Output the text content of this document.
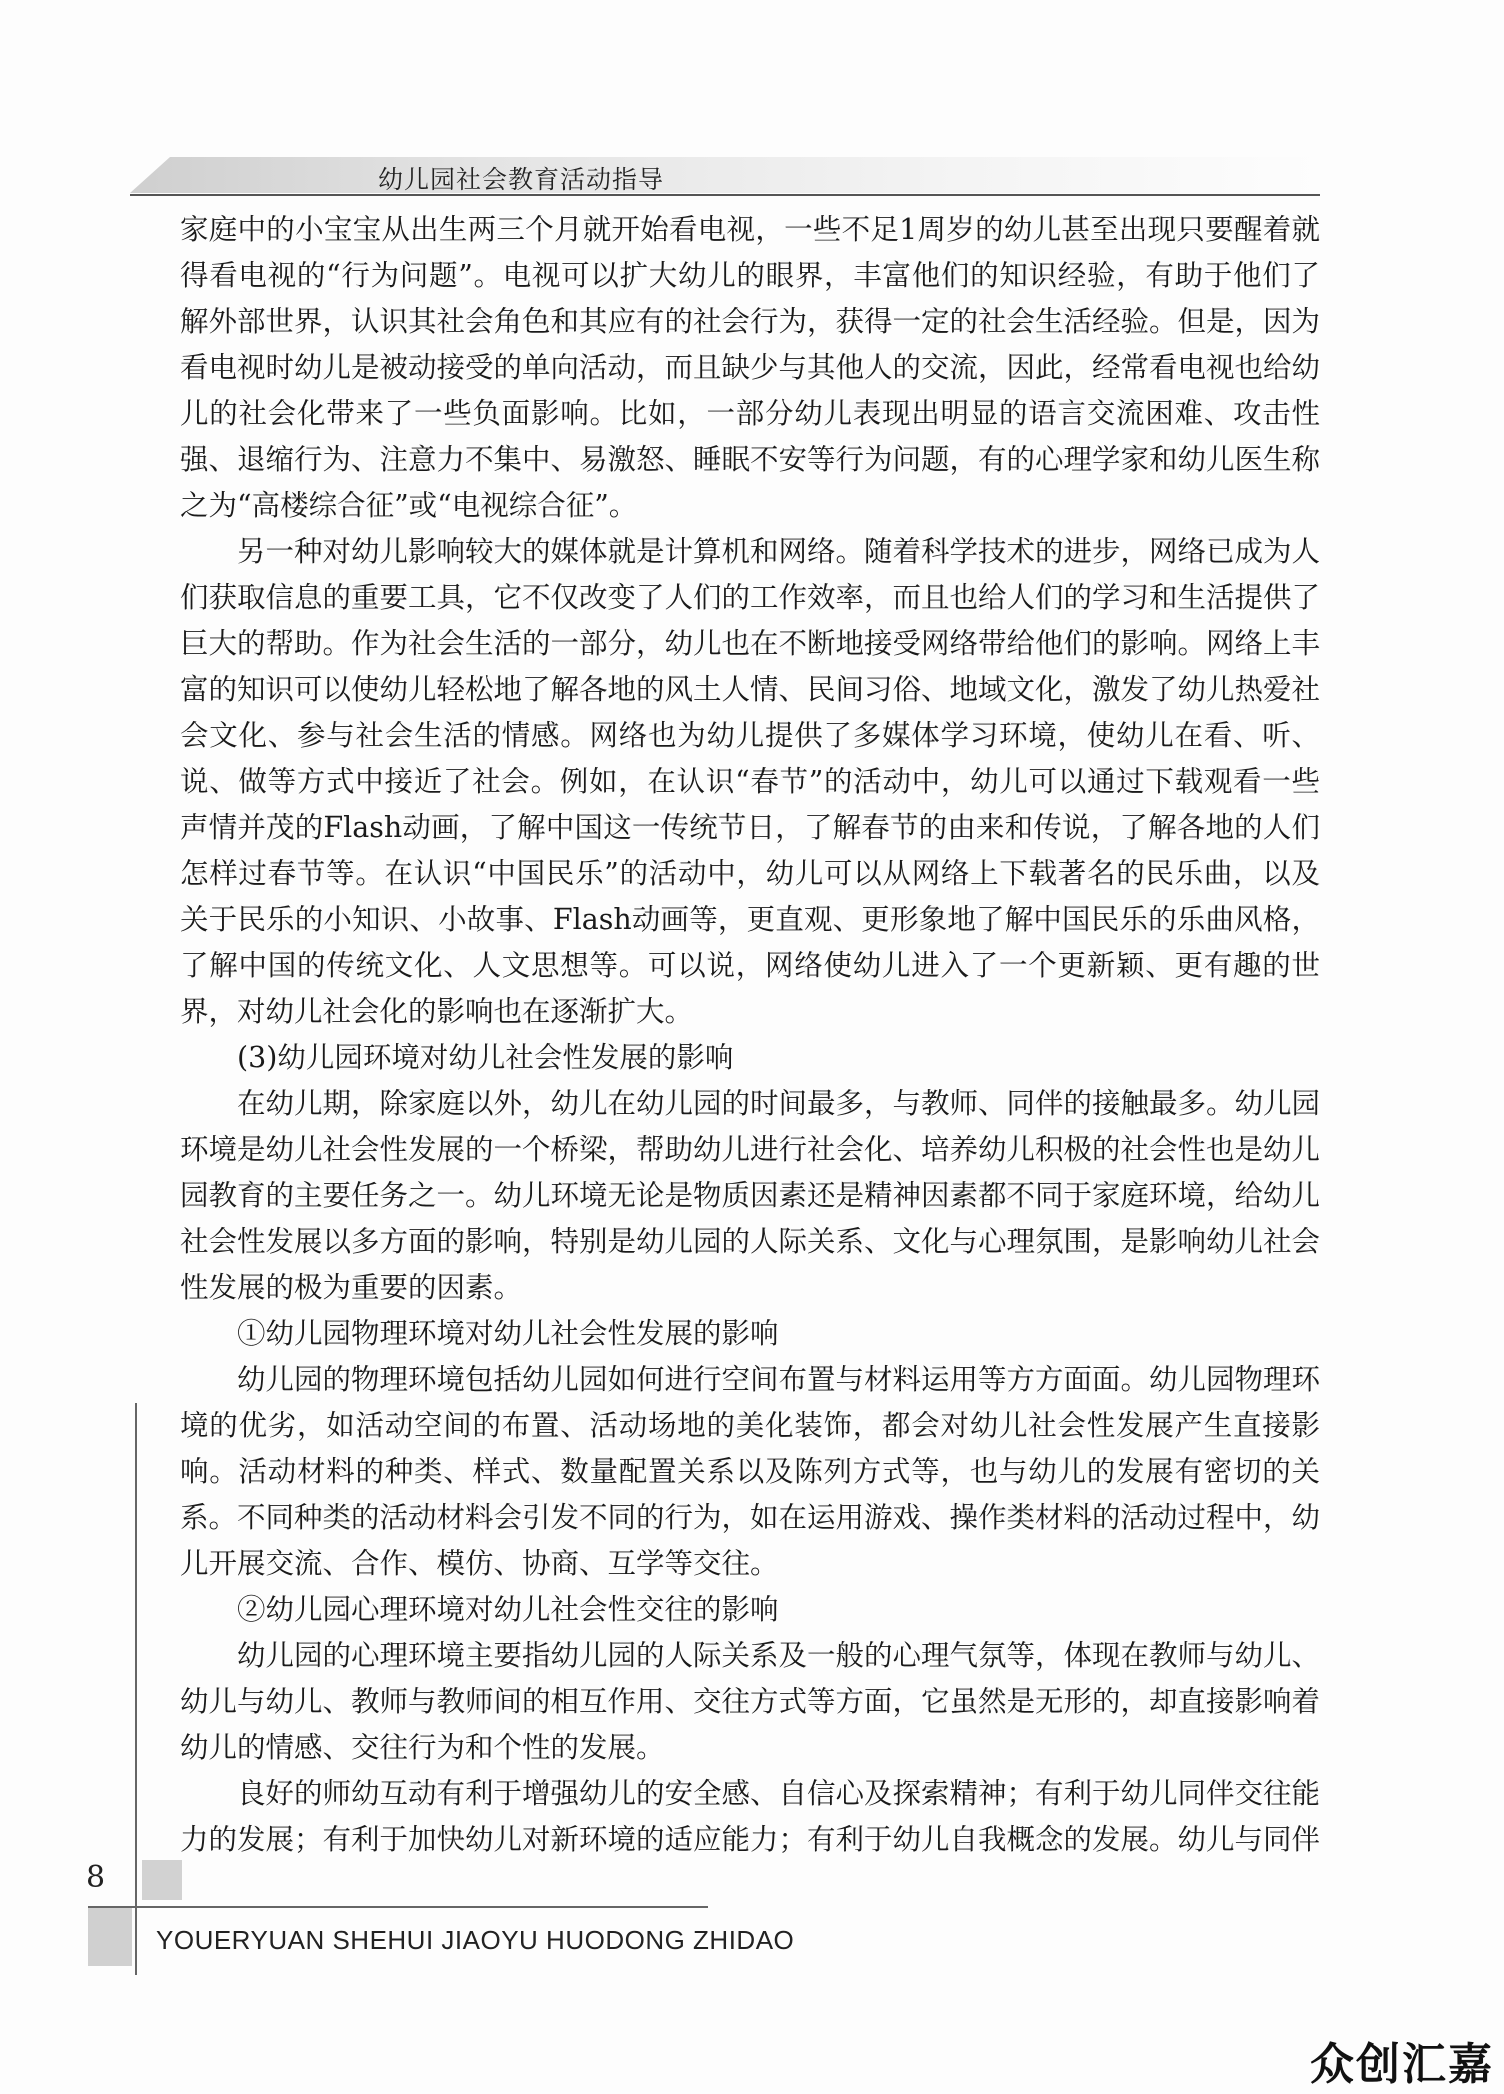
幼儿园社会教育活动指导

家庭中的小宝宝从出生两三个月就开始看电视，一些不足1周岁的幼儿甚至出现只要醒着就得看电视的“行为问题”。电视可以扩大幼儿的眼界，丰富他们的知识经验，有助于他们了解外部世界，认识其社会角色和其应有的社会行为，获得一定的社会生活经验。但是，因为看电视时幼儿是被动接受的单向活动，而且缺少与其他人的交流，因此，经常看电视也给幼儿的社会化带来了一些负面影响。比如，一部分幼儿表现出明显的语言交流困难、攻击性强、退缩行为、注意力不集中、易激怒、睡眠不安等行为问题，有的心理学家和幼儿医生称之为“高楼综合征”或“电视综合征”。

另一种对幼儿影响较大的媒体就是计算机和网络。随着科学技术的进步，网络已成为人们获取信息的重要工具，它不仅改变了人们的工作效率，而且也给人们的学习和生活提供了巨大的帮助。作为社会生活的一部分，幼儿也在不断地接受网络带给他们的影响。网络上丰富的知识可以使幼儿轻松地了解各地的风土人情、民间习俗、地域文化，激发了幼儿热爱社会文化、参与社会生活的情感。网络也为幼儿提供了多媒体学习环境，使幼儿在看、听、说、做等方式中接近了社会。例如，在认识“春节”的活动中，幼儿可以通过下载观看一些声情并茂的Flash动画，了解中国这一传统节日，了解春节的由来和传说，了解各地的人们怎样过春节等。在认识“中国民乐”的活动中，幼儿可以从网络上下载著名的民乐曲，以及关于民乐的小知识、小故事、Flash动画等，更直观、更形象地了解中国民乐的乐曲风格，了解中国的传统文化、人文思想等。可以说，网络使幼儿进入了一个更新颖、更有趣的世界，对幼儿社会化的影响也在逐渐扩大。

(3)幼儿园环境对幼儿社会性发展的影响

在幼儿期，除家庭以外，幼儿在幼儿园的时间最多，与教师、同伴的接触最多。幼儿园环境是幼儿社会性发展的一个桥梁，帮助幼儿进行社会化、培养幼儿积极的社会性也是幼儿园教育的主要任务之一。幼儿环境无论是物质因素还是精神因素都不同于家庭环境，给幼儿社会性发展以多方面的影响，特别是幼儿园的人际关系、文化与心理氛围，是影响幼儿社会性发展的极为重要的因素。

①幼儿园物理环境对幼儿社会性发展的影响

幼儿园的物理环境包括幼儿园如何进行空间布置与材料运用等方方面面。幼儿园物理环境的优劣，如活动空间的布置、活动场地的美化装饰，都会对幼儿社会性发展产生直接影响。活动材料的种类、样式、数量配置关系以及陈列方式等，也与幼儿的发展有密切的关系。不同种类的活动材料会引发不同的行为，如在运用游戏、操作类材料的活动过程中，幼儿开展交流、合作、模仿、协商、互学等交往。

②幼儿园心理环境对幼儿社会性交往的影响

幼儿园的心理环境主要指幼儿园的人际关系及一般的心理气氛等，体现在教师与幼儿、幼儿与幼儿、教师与教师间的相互作用、交往方式等方面，它虽然是无形的，却直接影响着幼儿的情感、交往行为和个性的发展。

良好的师幼互动有利于增强幼儿的安全感、自信心及探索精神；有利于幼儿同伴交往能力的发展；有利于加快幼儿对新环境的适应能力；有利于幼儿自我概念的发展。幼儿与同伴

8
YOUERYUAN SHEHUI JIAOYU HUODONG ZHIDAO
众创汇嘉
